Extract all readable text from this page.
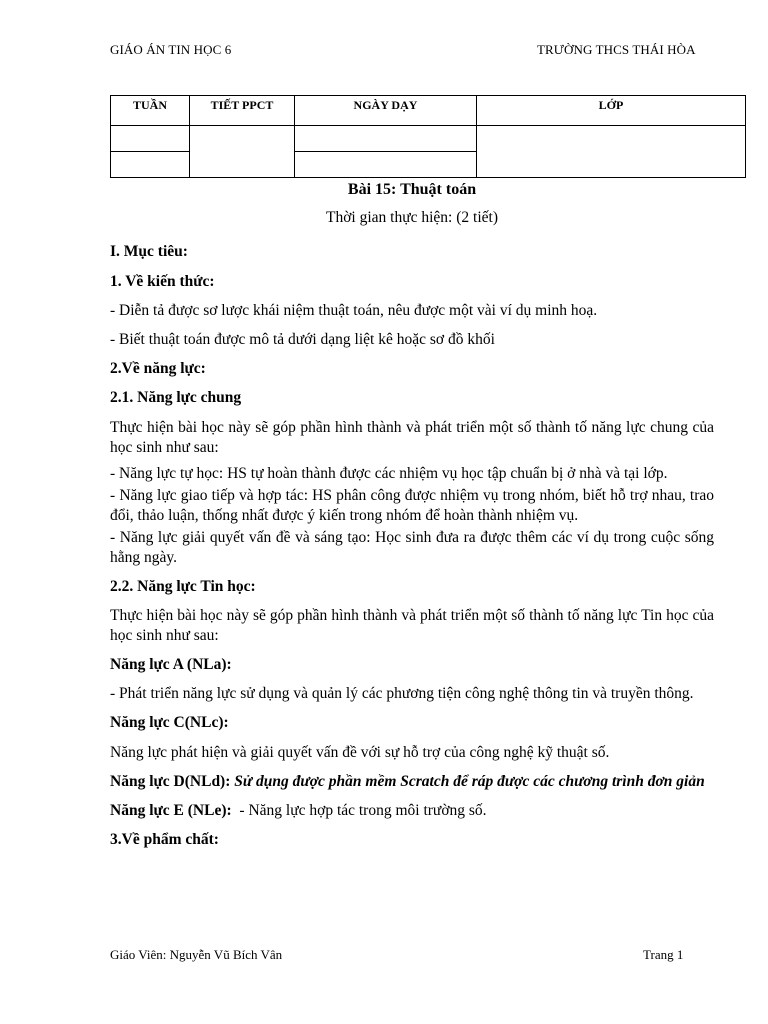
GIÁO ÁN TIN HỌC 6	TRƯỜNG THCS THÁI HÒA
TUẦN	TIẾT PPCT	NGÀY DẠY	LỚP

Bài 15: Thuật toán

Thời gian thực hiện: (2 tiết)

I. Mục tiêu:

1. Về kiến thức:

- Diễn tả được sơ lược khái niệm thuật toán, nêu được một vài ví dụ minh hoạ.

- Biết thuật toán được mô tả dưới dạng liệt kê hoặc sơ đồ khối

2.Về năng lực:

2.1. Năng lực chung

Thực hiện bài học này sẽ góp phần hình thành và phát triển một số thành tố năng lực chung của học sinh như sau:

- Năng lực tự học: HS tự hoàn thành được các nhiệm vụ học tập chuẩn bị ở nhà và tại lớp.

- Năng lực giao tiếp và hợp tác: HS phân công được nhiệm vụ trong nhóm, biết hỗ trợ nhau, trao đổi, thảo luận, thống nhất được ý kiến trong nhóm để hoàn thành nhiệm vụ.

- Năng lực giải quyết vấn đề và sáng tạo: Học sinh đưa ra được thêm các ví dụ trong cuộc sống hằng ngày.

2.2. Năng lực Tin học:

Thực hiện bài học này sẽ góp phần hình thành và phát triển một số thành tố năng lực Tin học của học sinh như sau:

Năng lực A (NLa):

- Phát triển năng lực sử dụng và quản lý các phương tiện công nghệ thông tin và truyền thông.

Năng lực C(NLc):

Năng lực phát hiện và giải quyết vấn đề với sự hỗ trợ của công nghệ kỹ thuật số.

Năng lực D(NLd): Sử dụng được phần mềm Scratch để ráp được các chương trình đơn giản

Năng lực E (NLe): - Năng lực hợp tác trong môi trường số.

3.Về phẩm chất:

Giáo Viên: Nguyễn Vũ Bích Vân	Trang 1
